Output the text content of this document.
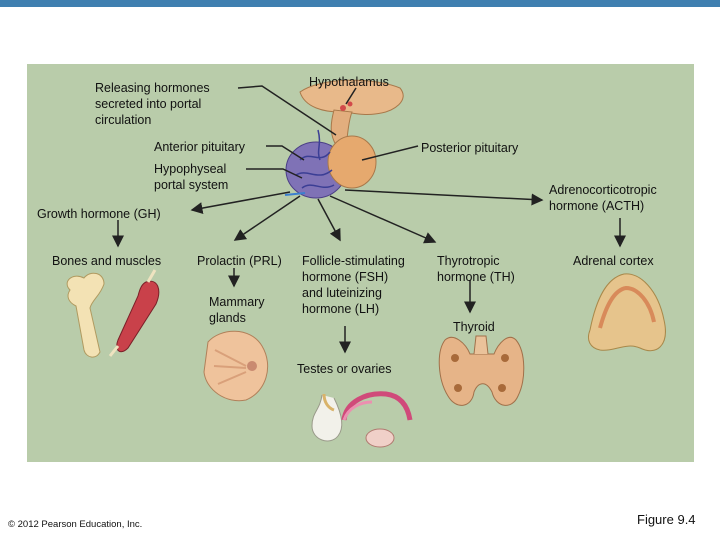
Releasing hormones
secreted into portal
circulation
Hypothalamus
Anterior pituitary
Hypophyseal
portal system
Posterior pituitary
Growth hormone (GH)
Adrenocorticotropic
hormone (ACTH)
Bones and muscles	Prolactin (PRL) Follicle-stimulating
hormone (FSH)
and luteinizing
hormone (LH)
Thyrotropic
hormone (TH)
Adrenal cortex
Mammary
glands
Thyroid
Testes or ovaries
© 2012 Pearson Education, Inc.	Figure 9.4
